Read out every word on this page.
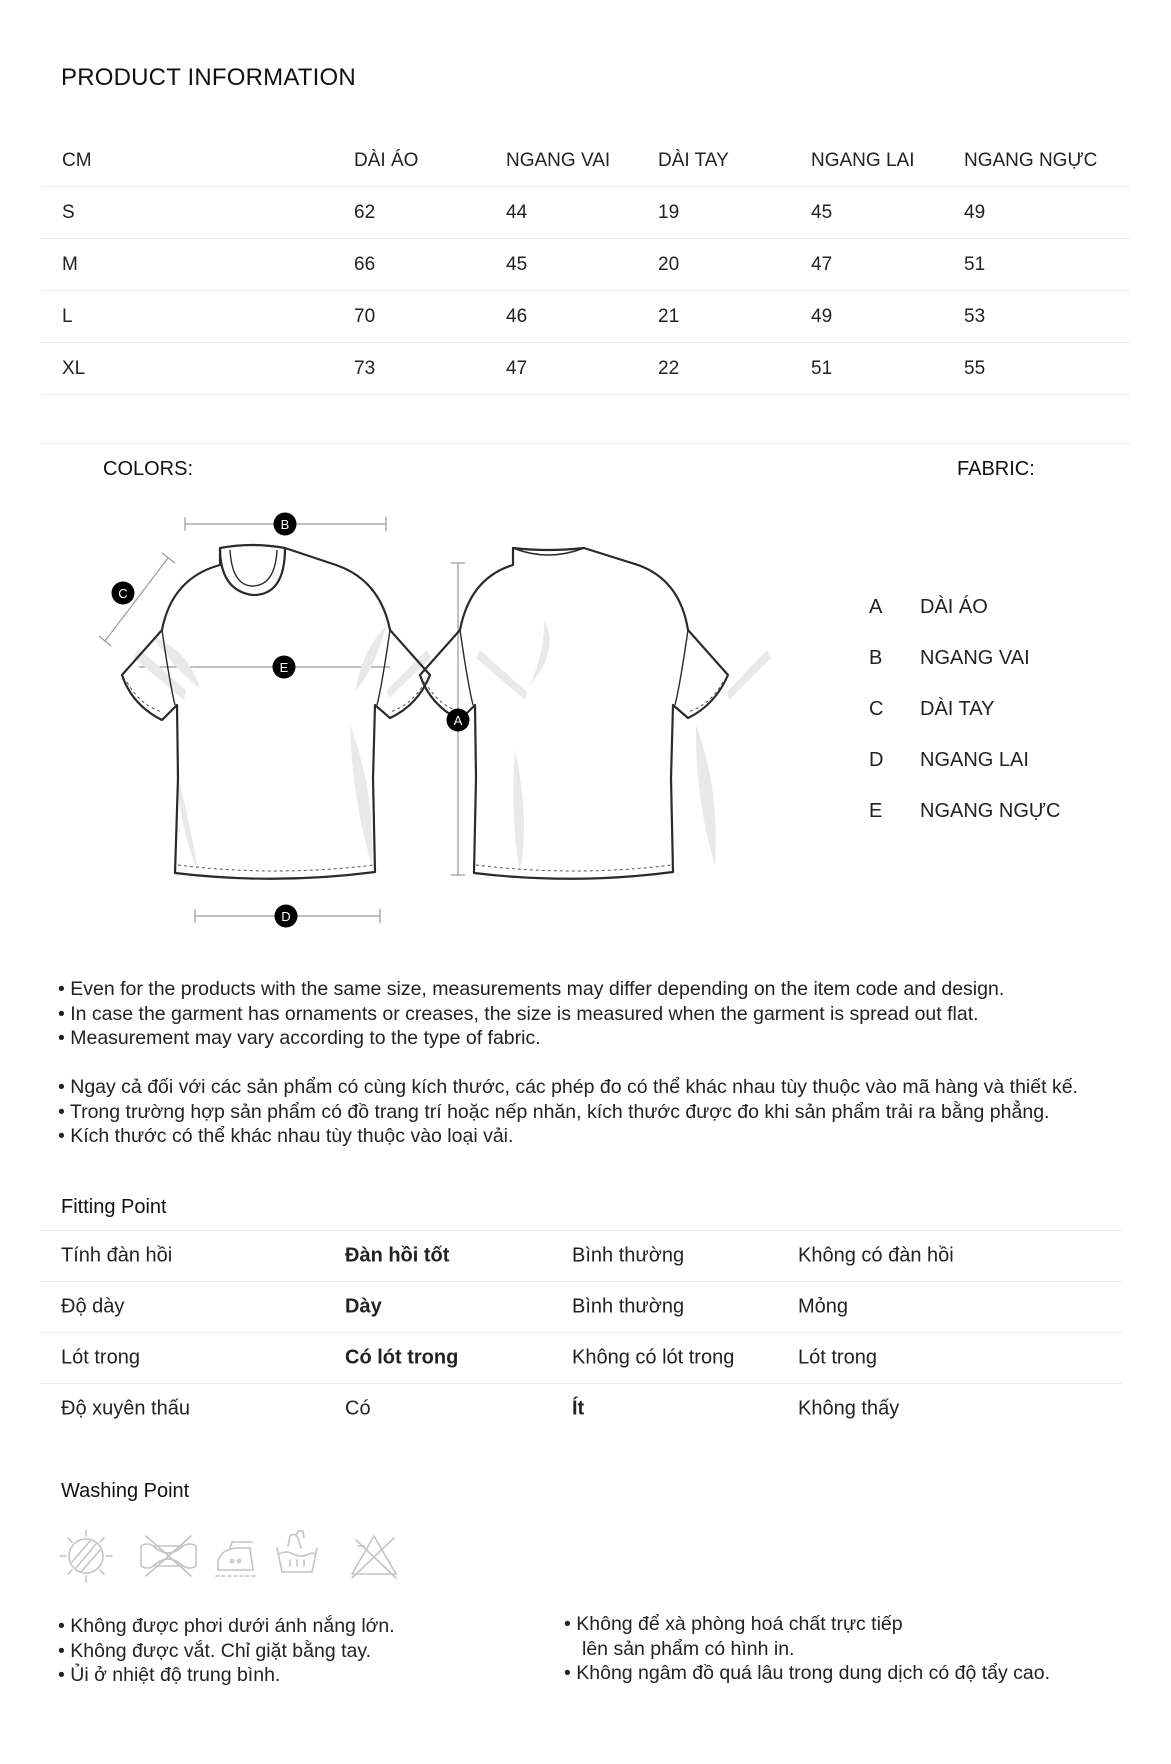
PRODUCT INFORMATION
CM	DÀI ÁO	NGANG VAI	DÀI TAY	NGANG LAI	NGANG NGỰC
S	62	44	19	45	49
M	66	45	20	47	51
L	70	46	21	49	53
XL	73	47	22	51	55
COLORS:	FABRIC:
B
C
E
A
D
A DÀI ÁO
B NGANG VAI
C DÀI TAY
D NGANG LAI
E NGANG NGỰC
• Even for the products with the same size, measurements may differ depending on the item code and design.
• In case the garment has ornaments or creases, the size is measured when the garment is spread out flat.
• Measurement may vary according to the type of fabric.
• Ngay cả đối với các sản phẩm có cùng kích thước, các phép đo có thể khác nhau tùy thuộc vào mã hàng và thiết kế.
• Trong trường hợp sản phẩm có đồ trang trí hoặc nếp nhăn, kích thước được đo khi sản phẩm trải ra bằng phẳng.
• Kích thước có thể khác nhau tùy thuộc vào loại vải.
Fitting Point
Tính đàn hồi	Đàn hồi tốt	Bình thường	Không có đàn hồi
Độ dày	Dày	Bình thường	Mỏng
Lót trong	Có lót trong	Không có lót trong	Lót trong
Độ xuyên thấu	Có	Ít	Không thấy
Washing Point
• Không được phơi dưới ánh nắng lớn.
• Không được vắt. Chỉ giặt bằng tay.
• Ủi ở nhiệt độ trung bình.
• Không để xà phòng hoá chất trực tiếp
lên sản phẩm có hình in.
• Không ngâm đồ quá lâu trong dung dịch có độ tẩy cao.
